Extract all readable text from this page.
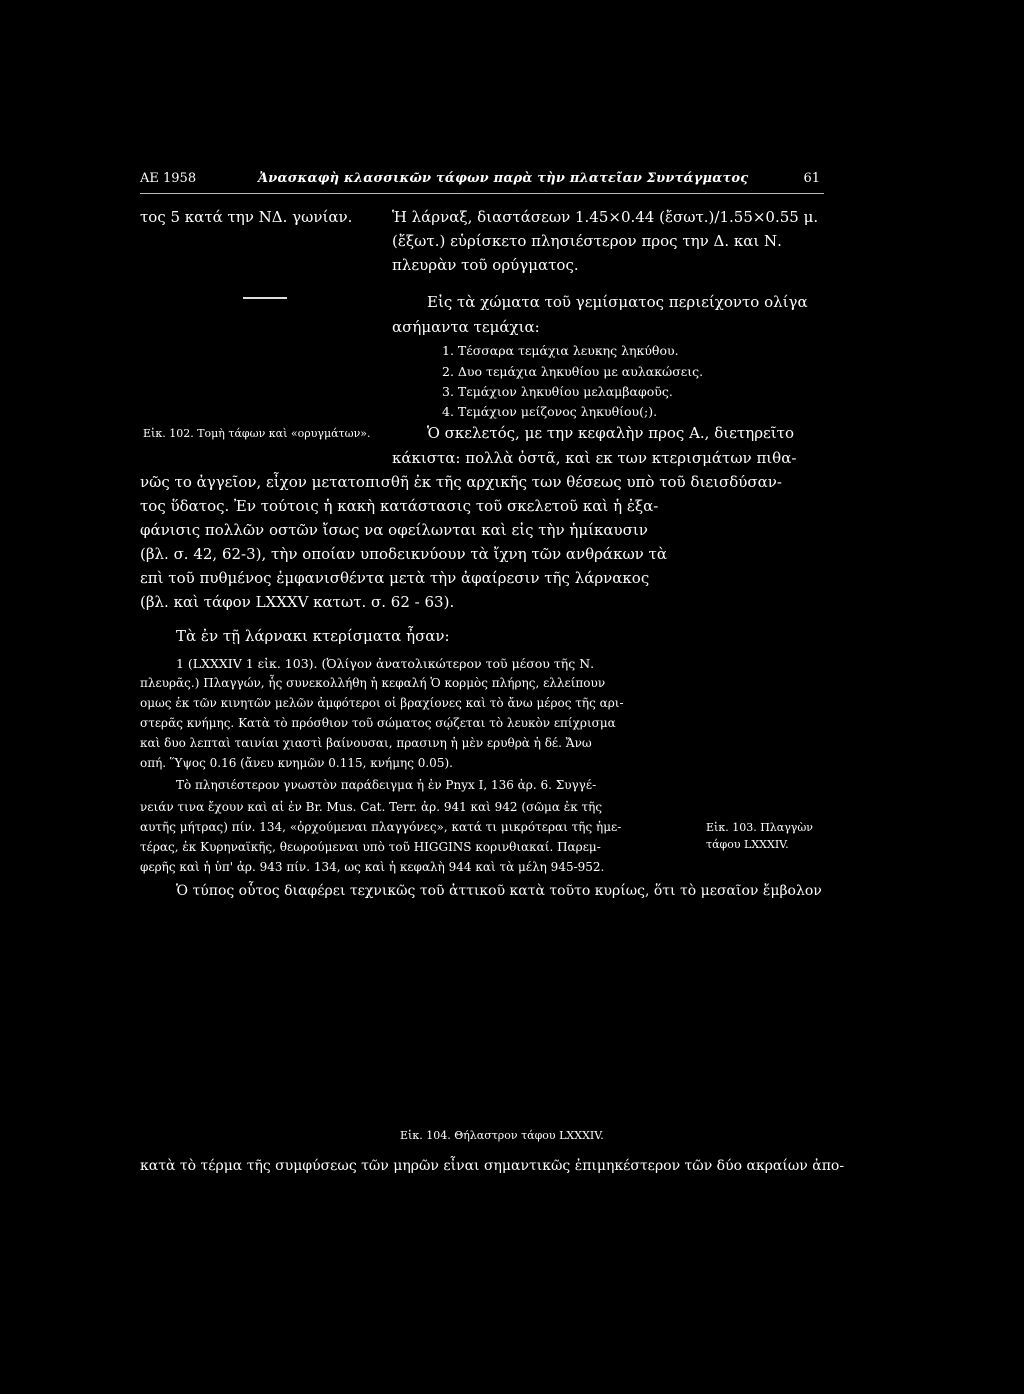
ΑΕ 1958	Ἀνασκαφὴ κλασσικῶν τάφων παρὰ τὴν πλατεῖαν Συντάγματος	61
τος 5 κατά την ΝΔ. γωνίαν.	Ἡ λάρναξ, διαστάσεων 1.45×0.44 (ἔσωτ.)/1.55×0.55 μ.
(ἔξωτ.) εὑρίσκετο πλησιέστερον προς την Δ. και Ν.
πλευρὰν τοῦ ορύγματος.
Εἰς τὰ χώματα τοῦ γεμίσματος περιείχοντο ολίγα
ασήμαντα τεμάχια:
1. Τέσσαρα τεμάχια λευκης ληκύθου.
2. Δυο τεμάχια ληκυθίου με αυλακώσεις.
3. Τεμάχιον ληκυθίου μελαμβαφοῦς.
4. Τεμάχιον μείζονος ληκυθίου(;).
Εἰκ. 102. Τομὴ τάφων καὶ «ορυγμάτων».	Ὁ σκελετός, με την κεφαλὴν προς Α., διετηρεῖτο
κάκιστα: πολλὰ ὀστᾶ, καὶ εκ των κτερισμάτων πιθα-
νῶς το ἀγγεῖον, εἶχον μετατοπισθῆ ἐκ τῆς αρχικῆς των θέσεως υπὸ τοῦ διεισδύσαν-
τος ὕδατος. Ἐν τούτοις ἡ κακὴ κατάστασις τοῦ σκελετοῦ καὶ ἡ ἐξα-
φάνισις πολλῶν οστῶν ἴσως να οφείλωνται καὶ εἰς τὴν ἡμίκαυσιν
(βλ. σ. 42, 62-3), τὴν οποίαν υποδεικνύουν τὰ ἴχνη τῶν ανθράκων τὰ
επὶ τοῦ πυθμένος ἐμφανισθέντα μετὰ τὴν ἀφαίρεσιν τῆς λάρνακος
(βλ. καὶ τάφον LXXXV κατωτ. σ. 62 - 63).
Τὰ ἐν τῇ λάρνακι κτερίσματα ἦσαν:
1 (LXXXIV 1 εἰκ. 103). (Ὀλίγον ἀνατολικώτερον τοῦ μέσου τῆς Ν.
πλευρᾶς.) Πλαγγών, ἧς συνεκολλήθη ἡ κεφαλή Ὁ κορμὸς πλήρης, ελλείπουν
ομως ἐκ τῶν κινητῶν μελῶν ἀμφότεροι οἱ βραχίονες καὶ τὸ ἄνω μέρος τῆς αρι-
στερᾶς κνήμης. Κατὰ τὸ πρόσθιον τοῦ σώματος σῴζεται τὸ λευκὸν επίχρισμα
καὶ δυο λεπταὶ ταινίαι χιαστὶ βαίνουσαι, πρασινη ἡ μὲν ερυθρὰ ἡ δέ. Ἄνω
οπή. Ὕψος 0.16 (ἄνευ κνημῶν 0.115, κνήμης 0.05).
Τὸ πλησιέστερον γνωστὸν παράδειγμα ἡ ἐν Pnyx I, 136 ἀρ. 6. Συγγέ-
νειάν τινα ἔχουν καὶ αἱ ἐν Br. Mus. Cat. Terr. ἀρ. 941 καὶ 942 (σῶμα ἐκ τῆς
αυτῆς μήτρας) πίν. 134, «ὀρχούμεναι πλαγγόνες», κατά τι μικρότεραι τῆς ἡμε-
τέρας, ἐκ Κυρηναϊκῆς, θεωρούμεναι υπὸ τοῦ HIGGINS κορινθιακαί. Παρεμ-
φερῆς καὶ ἡ ὑπ' ἀρ. 943 πίν. 134, ως καὶ ἡ κεφαλὴ 944 καὶ τὰ μέλη 945-952.
Εἰκ. 103. Πλαγγὼν
τάφου LXXXIV.
Ὁ τύπος οὗτος διαφέρει τεχνικῶς τοῦ ἀττικοῦ κατὰ τοῦτο κυρίως, ὅτι τὸ μεσαῖον ἔμβολον
Εἰκ. 104. Θήλαστρον τάφου LXXXIV.
κατὰ τὸ τέρμα τῆς συμφύσεως τῶν μηρῶν εἶναι σημαντικῶς ἐπιμηκέστερον τῶν δύο ακραίων ἀπο-
